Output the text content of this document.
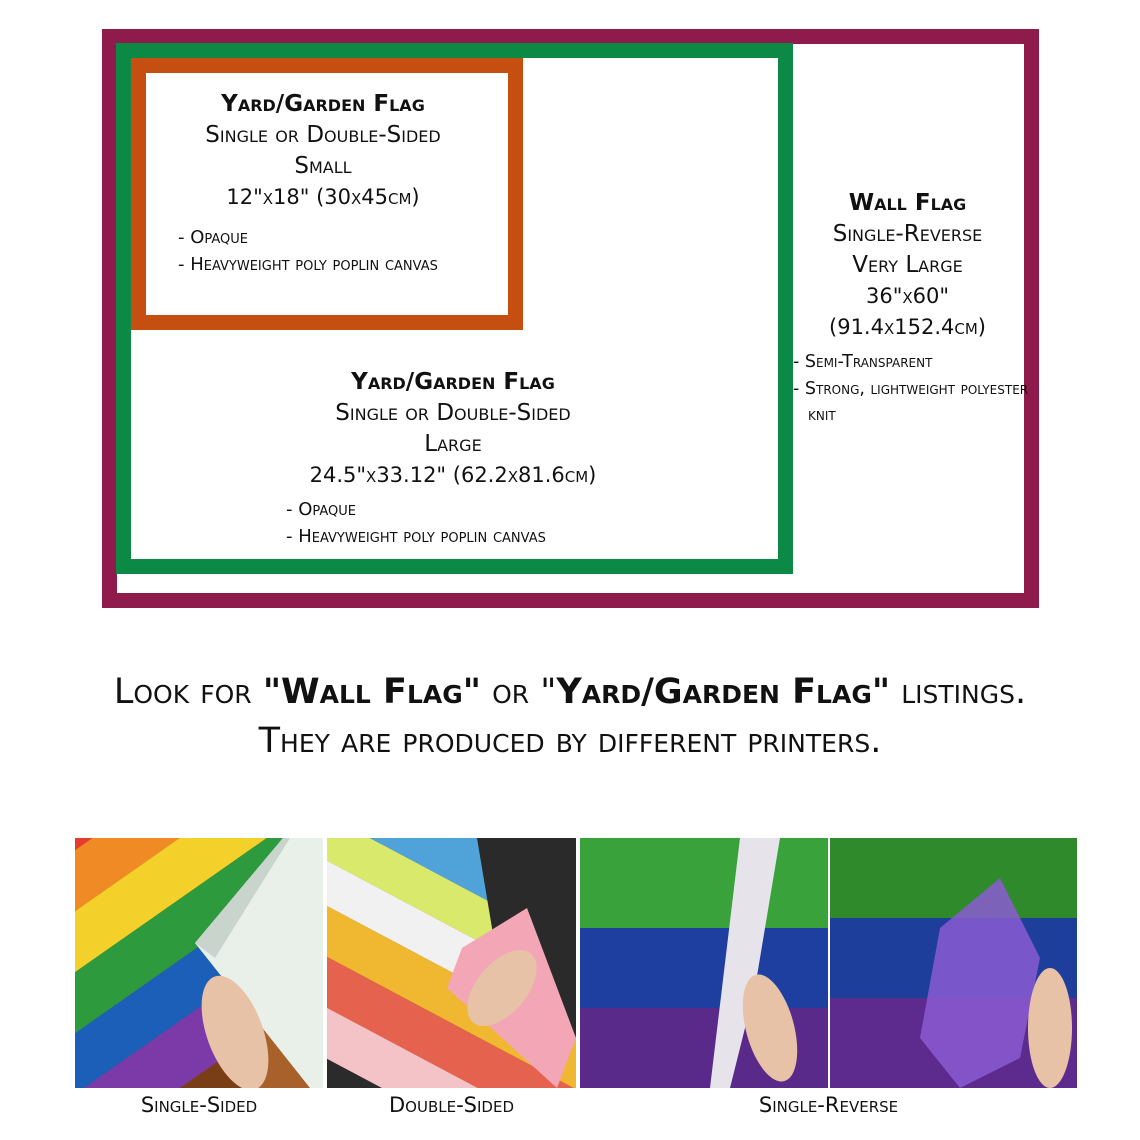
Yard/Garden Flag
Single or Double-Sided
Small
12"x18" (30x45cm)
- Opaque
- Heavyweight poly poplin canvas
Yard/Garden Flag
Single or Double-Sided
Large
24.5"x33.12" (62.2x81.6cm)
- Opaque
- Heavyweight poly poplin canvas
Wall Flag
Single-Reverse
Very Large
36"x60"
(91.4x152.4cm)
- Semi-Transparent
- Strong, lightweight polyester knit
Look for "Wall Flag" or "Yard/Garden Flag" listings.
They are produced by different printers.
Single-Sided	Double-Sided	Single-Reverse
